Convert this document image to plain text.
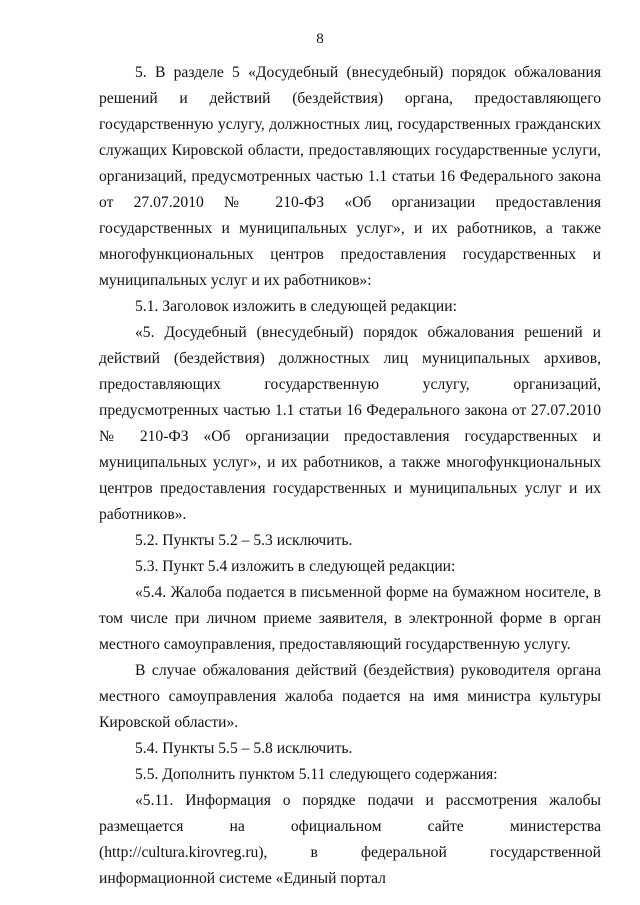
8

5. В разделе 5 «Досудебный (внесудебный) порядок обжалования решений и действий (бездействия) органа, предоставляющего государственную услугу, должностных лиц, государственных гражданских служащих Кировской области, предоставляющих государственные услуги, организаций, предусмотренных частью 1.1 статьи 16 Федерального закона от 27.07.2010 № 210-ФЗ «Об организации предоставления государственных и муниципальных услуг», и их работников, а также многофункциональных центров предоставления государственных и муниципальных услуг и их работников»:

5.1. Заголовок изложить в следующей редакции:

«5. Досудебный (внесудебный) порядок обжалования решений и действий (бездействия) должностных лиц муниципальных архивов, предоставляющих государственную услугу, организаций, предусмотренных частью 1.1 статьи 16 Федерального закона от 27.07.2010 № 210-ФЗ «Об организации предоставления государственных и муниципальных услуг», и их работников, а также многофункциональных центров предоставления государственных и муниципальных услуг и их работников».

5.2. Пункты 5.2 – 5.3 исключить.

5.3. Пункт 5.4 изложить в следующей редакции:

«5.4. Жалоба подается в письменной форме на бумажном носителе, в том числе при личном приеме заявителя, в электронной форме в орган местного самоуправления, предоставляющий государственную услугу.

В случае обжалования действий (бездействия) руководителя органа местного самоуправления жалоба подается на имя министра культуры Кировской области».

5.4. Пункты 5.5 – 5.8 исключить.

5.5. Дополнить пунктом 5.11 следующего содержания:

«5.11. Информация о порядке подачи и рассмотрения жалобы размещается на официальном сайте министерства (http://cultura.kirovreg.ru), в федеральной государственной информационной системе «Единый портал
